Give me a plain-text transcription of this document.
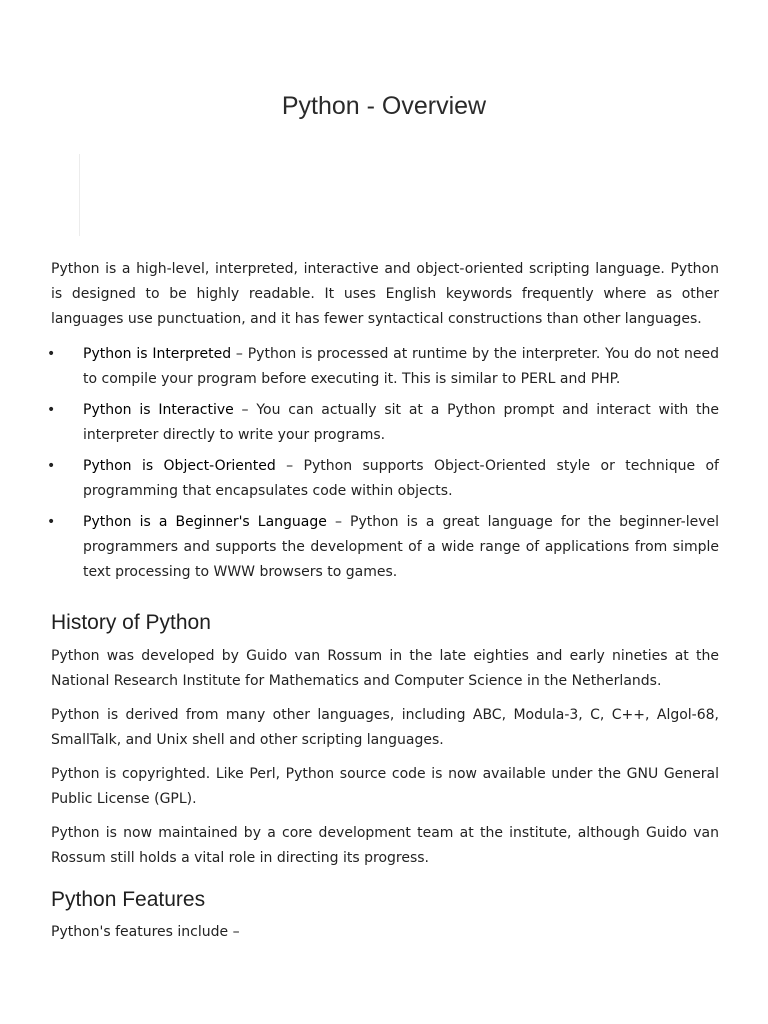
Python - Overview

Python is a high-level, interpreted, interactive and object-oriented scripting language. Python is designed to be highly readable. It uses English keywords frequently where as other languages use punctuation, and it has fewer syntactical constructions than other languages.

• Python is Interpreted – Python is processed at runtime by the interpreter. You do not need to compile your program before executing it. This is similar to PERL and PHP.
• Python is Interactive – You can actually sit at a Python prompt and interact with the interpreter directly to write your programs.
• Python is Object-Oriented – Python supports Object-Oriented style or technique of programming that encapsulates code within objects.
• Python is a Beginner's Language – Python is a great language for the beginner-level programmers and supports the development of a wide range of applications from simple text processing to WWW browsers to games.
History of Python

Python was developed by Guido van Rossum in the late eighties and early nineties at the National Research Institute for Mathematics and Computer Science in the Netherlands.

Python is derived from many other languages, including ABC, Modula-3, C, C++, Algol-68, SmallTalk, and Unix shell and other scripting languages.

Python is copyrighted. Like Perl, Python source code is now available under the GNU General Public License (GPL).

Python is now maintained by a core development team at the institute, although Guido van Rossum still holds a vital role in directing its progress.

Python Features

Python's features include –
